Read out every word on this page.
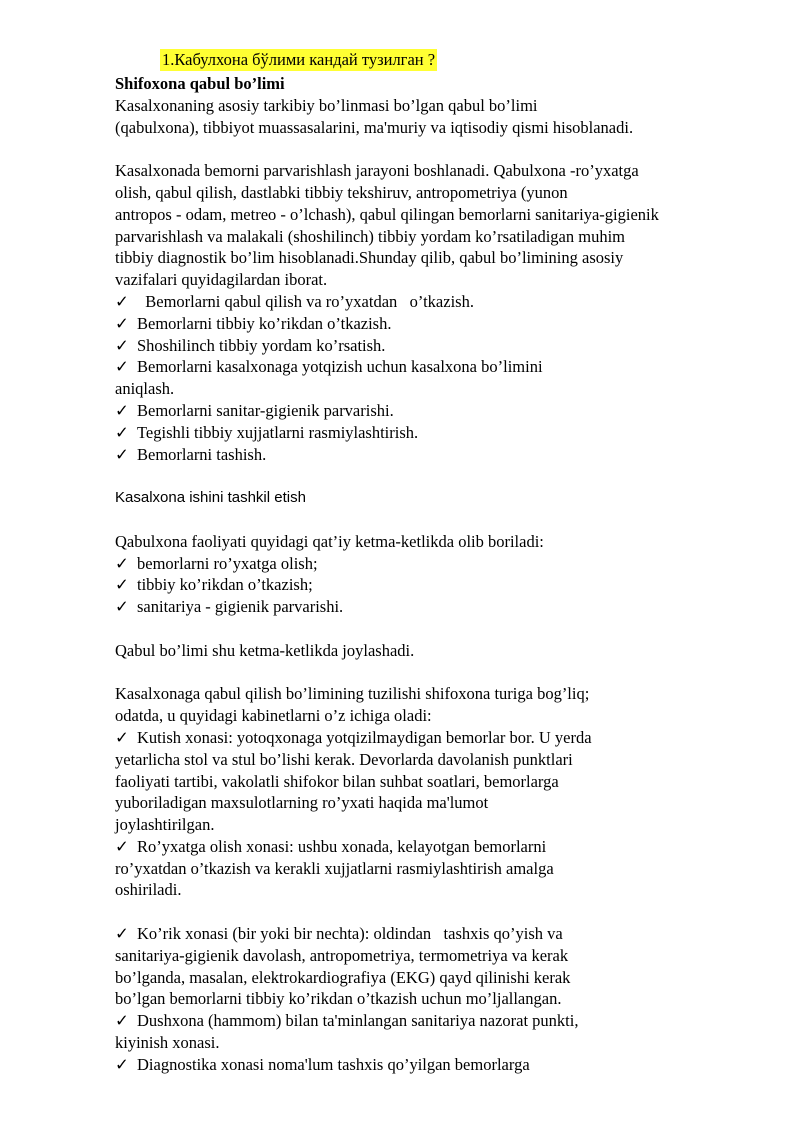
1.Кабулхона бўлими кандай тузилган ?
Shifoxona qabul bo’limi
Kasalxonaning asosiy tarkibiy bo’linmasi bo’lgan qabul bo’limi
(qabulxona), tibbiyot muassasalarini, ma'muriy va iqtisodiy qismi hisoblanadi.
Kasalxonada bemorni parvarishlash jarayoni boshlanadi. Qabulxona -ro’yxatga
olish, qabul qilish, dastlabki tibbiy tekshiruv, antropometriya (yunon
antropos - odam, metreo - o’lchash), qabul qilingan bemorlarni sanitariya-gigienik
parvarishlash va malakali (shoshilinch) tibbiy yordam ko’rsatiladigan muhim
tibbiy diagnostik bo’lim hisoblanadi.Shunday qilib, qabul bo’limining asosiy
vazifalari quyidagilardan iborat.
✓  Bemorlarni qabul qilish va ro’yxatdan   o’tkazish.
✓ Bemorlarni tibbiy ko’rikdan o’tkazish.
✓ Shoshilinch tibbiy yordam ko’rsatish.
✓ Bemorlarni kasalxonaga yotqizish uchun kasalxona bo’limini
aniqlash.
✓ Bemorlarni sanitar-gigienik parvarishi.
✓ Tegishli tibbiy xujjatlarni rasmiylashtirish.
✓ Bemorlarni tashish.
Kasalxona ishini tashkil etish
Qabulxona faoliyati quyidagi qat’iy ketma-ketlikda olib boriladi:
✓ bemorlarni ro’yxatga olish;
✓ tibbiy ko’rikdan o’tkazish;
✓ sanitariya - gigienik parvarishi.
Qabul bo’limi shu ketma-ketlikda joylashadi.
Kasalxonaga qabul qilish bo’limining tuzilishi shifoxona turiga bog’liq;
odatda, u quyidagi kabinetlarni o’z ichiga oladi:
✓ Kutish xonasi: yotoqxonaga yotqizilmaydigan bemorlar bor. U yerda
yetarlicha stol va stul bo’lishi kerak. Devorlarda davolanish punktlari
faoliyati tartibi, vakolatli shifokor bilan suhbat soatlari, bemorlarga
yuboriladigan maxsulotlarning ro’yxati haqida ma'lumot
joylashtirilgan.
✓ Ro’yxatga olish xonasi: ushbu xonada, kelayotgan bemorlarni
ro’yxatdan o’tkazish va kerakli xujjatlarni rasmiylashtirish amalga
oshiriladi.
✓ Ko’rik xonasi (bir yoki bir nechta): oldindan   tashxis qo’yish va
sanitariya-gigienik davolash, antropometriya, termometriya va kerak
bo’lganda, masalan, elektrokardiografiya (EKG) qayd qilinishi kerak
bo’lgan bemorlarni tibbiy ko’rikdan o’tkazish uchun mo’ljallangan.
✓ Dushxona (hammom) bilan ta'minlangan sanitariya nazorat punkti,
kiyinish xonasi.
✓ Diagnostika xonasi noma'lum tashxis qo’yilgan bemorlarga
